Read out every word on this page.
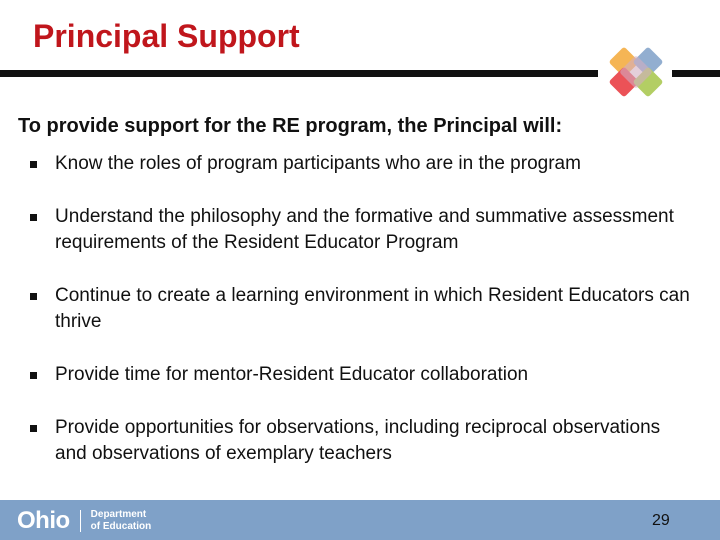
Principal Support
To provide support for the RE program, the Principal will:
Know the roles of program participants who are in the program
Understand the philosophy and the formative and summative assessment requirements of the Resident Educator Program
Continue to create a learning environment in which Resident Educators can thrive
Provide time for mentor-Resident Educator collaboration
Provide opportunities for observations, including reciprocal observations and observations of exemplary teachers
Ohio Department
of Education	29
